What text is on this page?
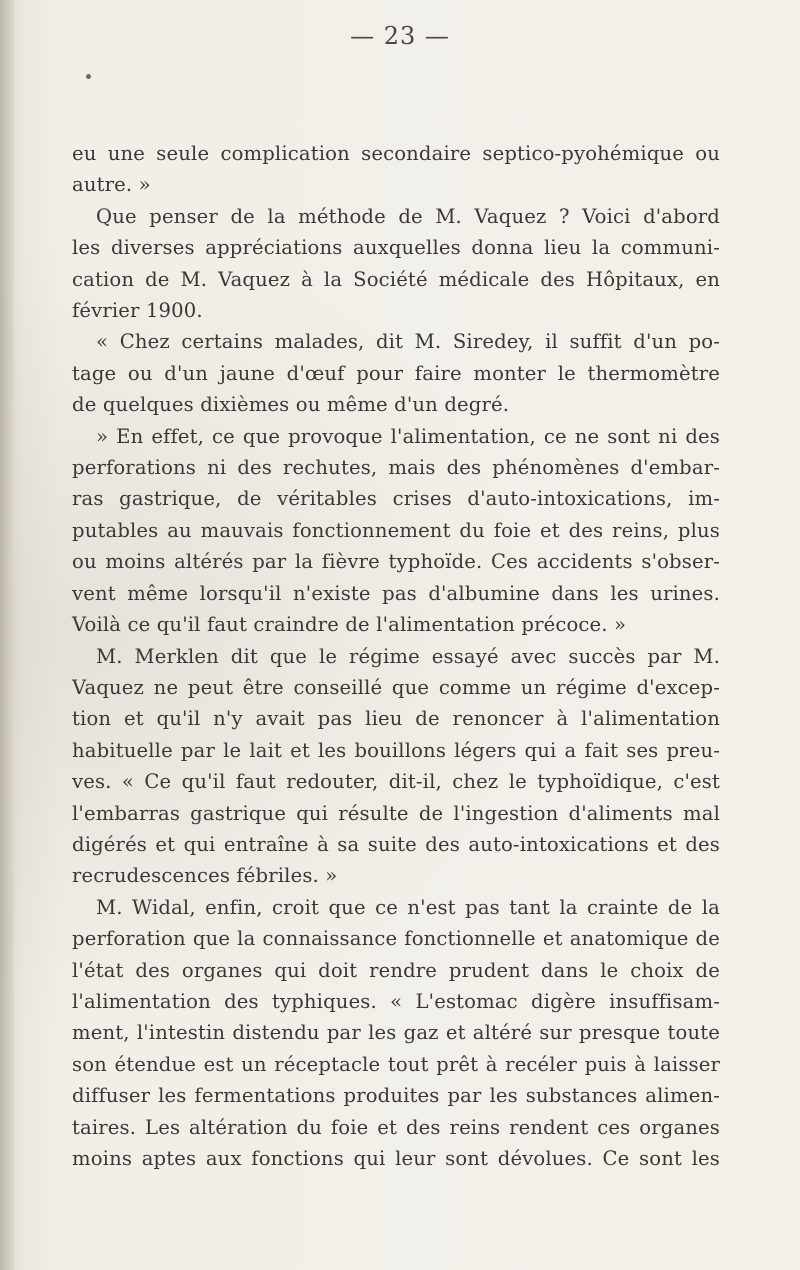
— 23 —
eu une seule complication secondaire septico-pyohémique ou
autre. »
Que penser de la méthode de M. Vaquez ? Voici d'abord
les diverses appréciations auxquelles donna lieu la communi-
cation de M. Vaquez à la Société médicale des Hôpitaux, en
février 1900.
« Chez certains malades, dit M. Siredey, il suffit d'un po-
tage ou d'un jaune d'œuf pour faire monter le thermomètre
de quelques dixièmes ou même d'un degré.
» En effet, ce que provoque l'alimentation, ce ne sont ni des
perforations ni des rechutes, mais des phénomènes d'embar-
ras gastrique, de véritables crises d'auto-intoxications, im-
putables au mauvais fonctionnement du foie et des reins, plus
ou moins altérés par la fièvre typhoïde. Ces accidents s'obser-
vent même lorsqu'il n'existe pas d'albumine dans les urines.
Voilà ce qu'il faut craindre de l'alimentation précoce. »
M. Merklen dit que le régime essayé avec succès par M.
Vaquez ne peut être conseillé que comme un régime d'excep-
tion et qu'il n'y avait pas lieu de renoncer à l'alimentation
habituelle par le lait et les bouillons légers qui a fait ses preu-
ves. « Ce qu'il faut redouter, dit-il, chez le typhoïdique, c'est
l'embarras gastrique qui résulte de l'ingestion d'aliments mal
digérés et qui entraîne à sa suite des auto-intoxications et des
recrudescences fébriles. »
M. Widal, enfin, croit que ce n'est pas tant la crainte de la
perforation que la connaissance fonctionnelle et anatomique de
l'état des organes qui doit rendre prudent dans le choix de
l'alimentation des typhiques. « L'estomac digère insuffisam-
ment, l'intestin distendu par les gaz et altéré sur presque toute
son étendue est un réceptacle tout prêt à recéler puis à laisser
diffuser les fermentations produites par les substances alimen-
taires. Les altération du foie et des reins rendent ces organes
moins aptes aux fonctions qui leur sont dévolues. Ce sont les
